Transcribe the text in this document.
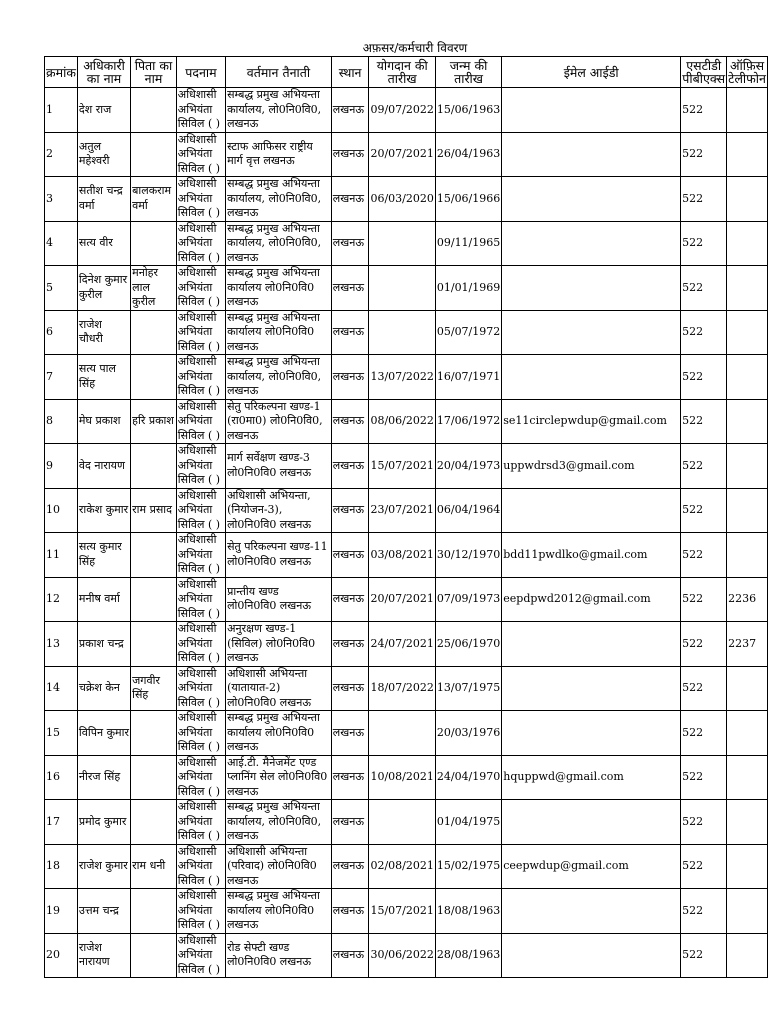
अफ़सर/कर्मचारी विवरण
क्रमांक	अधिकारी का नाम	पिता का नाम	पदनाम	वर्तमान तैनाती	स्थान	योगदान की तारीख	जन्म की तारीख	ईमेल आईडी	एसटीडी पीबीएक्स	ऑफ़िस टेलीफोन
1	देश राज		अधिशासी अभियंता सिविल ( )	सम्बद्ध प्रमुख अभियन्ता कार्यालय, लो0नि0वि0, लखनऊ	लखनऊ	09/07/2022	15/06/1963		522	
2	अतुल महेश्वरी		अधिशासी अभियंता सिविल ( )	स्टाफ आफिसर राष्ट्रीय मार्ग वृत्त लखनऊ	लखनऊ	20/07/2021	26/04/1963		522	
3	सतीश चन्द्र वर्मा	बालकराम वर्मा	अधिशासी अभियंता सिविल ( )	सम्बद्ध प्रमुख अभियन्ता कार्यालय, लो0नि0वि0, लखनऊ	लखनऊ	06/03/2020	15/06/1966		522	
4	सत्य वीर		अधिशासी अभियंता सिविल ( )	सम्बद्ध प्रमुख अभियन्ता कार्यालय, लो0नि0वि0, लखनऊ	लखनऊ		09/11/1965		522	
5	दिनेश कुमार कुरील	मनोहर लाल कुरील	अधिशासी अभियंता सिविल ( )	सम्बद्ध प्रमुख अभियन्ता कार्यालय लो0नि0वि0 लखनऊ	लखनऊ		01/01/1969		522	
6	राजेश चौधरी		अधिशासी अभियंता सिविल ( )	सम्बद्ध प्रमुख अभियन्ता कार्यालय लो0नि0वि0 लखनऊ	लखनऊ		05/07/1972		522	
7	सत्य पाल सिंह		अधिशासी अभियंता सिविल ( )	सम्बद्ध प्रमुख अभियन्ता कार्यालय, लो0नि0वि0, लखनऊ	लखनऊ	13/07/2022	16/07/1971		522	
8	मेघ प्रकाश	हरि प्रकाश	अधिशासी अभियंता सिविल ( )	सेतु परिकल्पना खण्ड-1 (रा0मा0) लो0नि0वि0, लखनऊ	लखनऊ	08/06/2022	17/06/1972	se11circlepwdup@gmail.com	522	
9	वेद नारायण		अधिशासी अभियंता सिविल ( )	मार्ग सर्वेक्षण खण्ड-3 लो0नि0वि0 लखनऊ	लखनऊ	15/07/2021	20/04/1973	uppwdrsd3@gmail.com	522	
10	राकेश कुमार	राम प्रसाद	अधिशासी अभियंता सिविल ( )	अधिशासी अभियन्ता, (नियोजन-3), लो0नि0वि0 लखनऊ	लखनऊ	23/07/2021	06/04/1964		522	
11	सत्य कुमार सिंह		अधिशासी अभियंता सिविल ( )	सेतु परिकल्पना खण्ड-11 लो0नि0वि0 लखनऊ	लखनऊ	03/08/2021	30/12/1970	bdd11pwdlko@gmail.com	522	
12	मनीष वर्मा		अधिशासी अभियंता सिविल ( )	प्रान्तीय खण्ड लो0नि0वि0 लखनऊ	लखनऊ	20/07/2021	07/09/1973	eepdpwd2012@gmail.com	522	2236
13	प्रकाश चन्द्र		अधिशासी अभियंता सिविल ( )	अनुरक्षण खण्ड-1 (सिविल) लो0नि0वि0 लखनऊ	लखनऊ	24/07/2021	25/06/1970		522	2237
14	चक्रेश केन	जगवीर सिंह	अधिशासी अभियंता सिविल ( )	अधिशासी अभियन्ता (यातायात-2) लो0नि0वि0 लखनऊ	लखनऊ	18/07/2022	13/07/1975		522	
15	विपिन कुमार		अधिशासी अभियंता सिविल ( )	सम्बद्ध प्रमुख अभियन्ता कार्यालय लो0नि0वि0 लखनऊ	लखनऊ		20/03/1976		522	
16	नीरज सिंह		अधिशासी अभियंता सिविल ( )	आई.टी. मैनेजमेंट एण्ड प्लानिंग सेल लो0नि0वि0 लखनऊ	लखनऊ	10/08/2021	24/04/1970	hquppwd@gmail.com	522	
17	प्रमोद कुमार		अधिशासी अभियंता सिविल ( )	सम्बद्ध प्रमुख अभियन्ता कार्यालय, लो0नि0वि0, लखनऊ	लखनऊ		01/04/1975		522	
18	राजेश कुमार	राम धनी	अधिशासी अभियंता सिविल ( )	अधिशासी अभियन्ता (परिवाद) लो0नि0वि0 लखनऊ	लखनऊ	02/08/2021	15/02/1975	ceepwdup@gmail.com	522	
19	उत्तम चन्द्र		अधिशासी अभियंता सिविल ( )	सम्बद्ध प्रमुख अभियन्ता कार्यालय लो0नि0वि0 लखनऊ	लखनऊ	15/07/2021	18/08/1963		522	
20	राजेश नारायण		अधिशासी अभियंता सिविल ( )	रोड सेफ्टी खण्ड लो0नि0वि0 लखनऊ	लखनऊ	30/06/2022	28/08/1963		522	
